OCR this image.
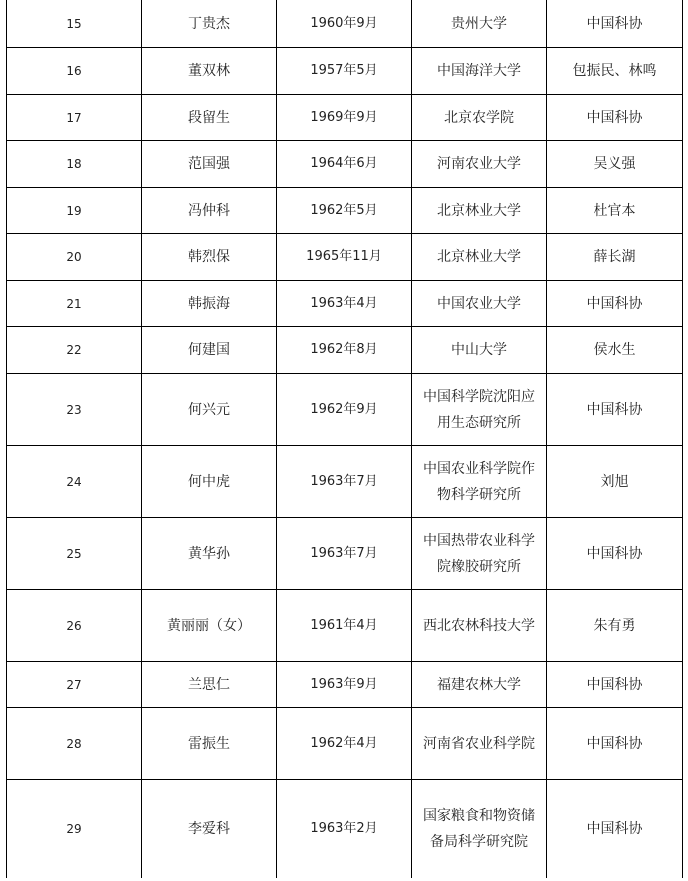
15	丁贵杰	1960年9月	贵州大学	中国科协
16	董双林	1957年5月	中国海洋大学	包振民、林鸣
17	段留生	1969年9月	北京农学院	中国科协
18	范国强	1964年6月	河南农业大学	吴义强
19	冯仲科	1962年5月	北京林业大学	杜官本
20	韩烈保	1965年11月	北京林业大学	薛长湖
21	韩振海	1963年4月	中国农业大学	中国科协
22	何建国	1962年8月	中山大学	侯水生
23	何兴元	1962年9月	中国科学院沈阳应用生态研究所	中国科协
24	何中虎	1963年7月	中国农业科学院作物科学研究所	刘旭
25	黄华孙	1963年7月	中国热带农业科学院橡胶研究所	中国科协
26	黄丽丽（女）	1961年4月	西北农林科技大学	朱有勇
27	兰思仁	1963年9月	福建农林大学	中国科协
28	雷振生	1962年4月	河南省农业科学院	中国科协
29	李爱科	1963年2月	国家粮食和物资储备局科学研究院	中国科协
